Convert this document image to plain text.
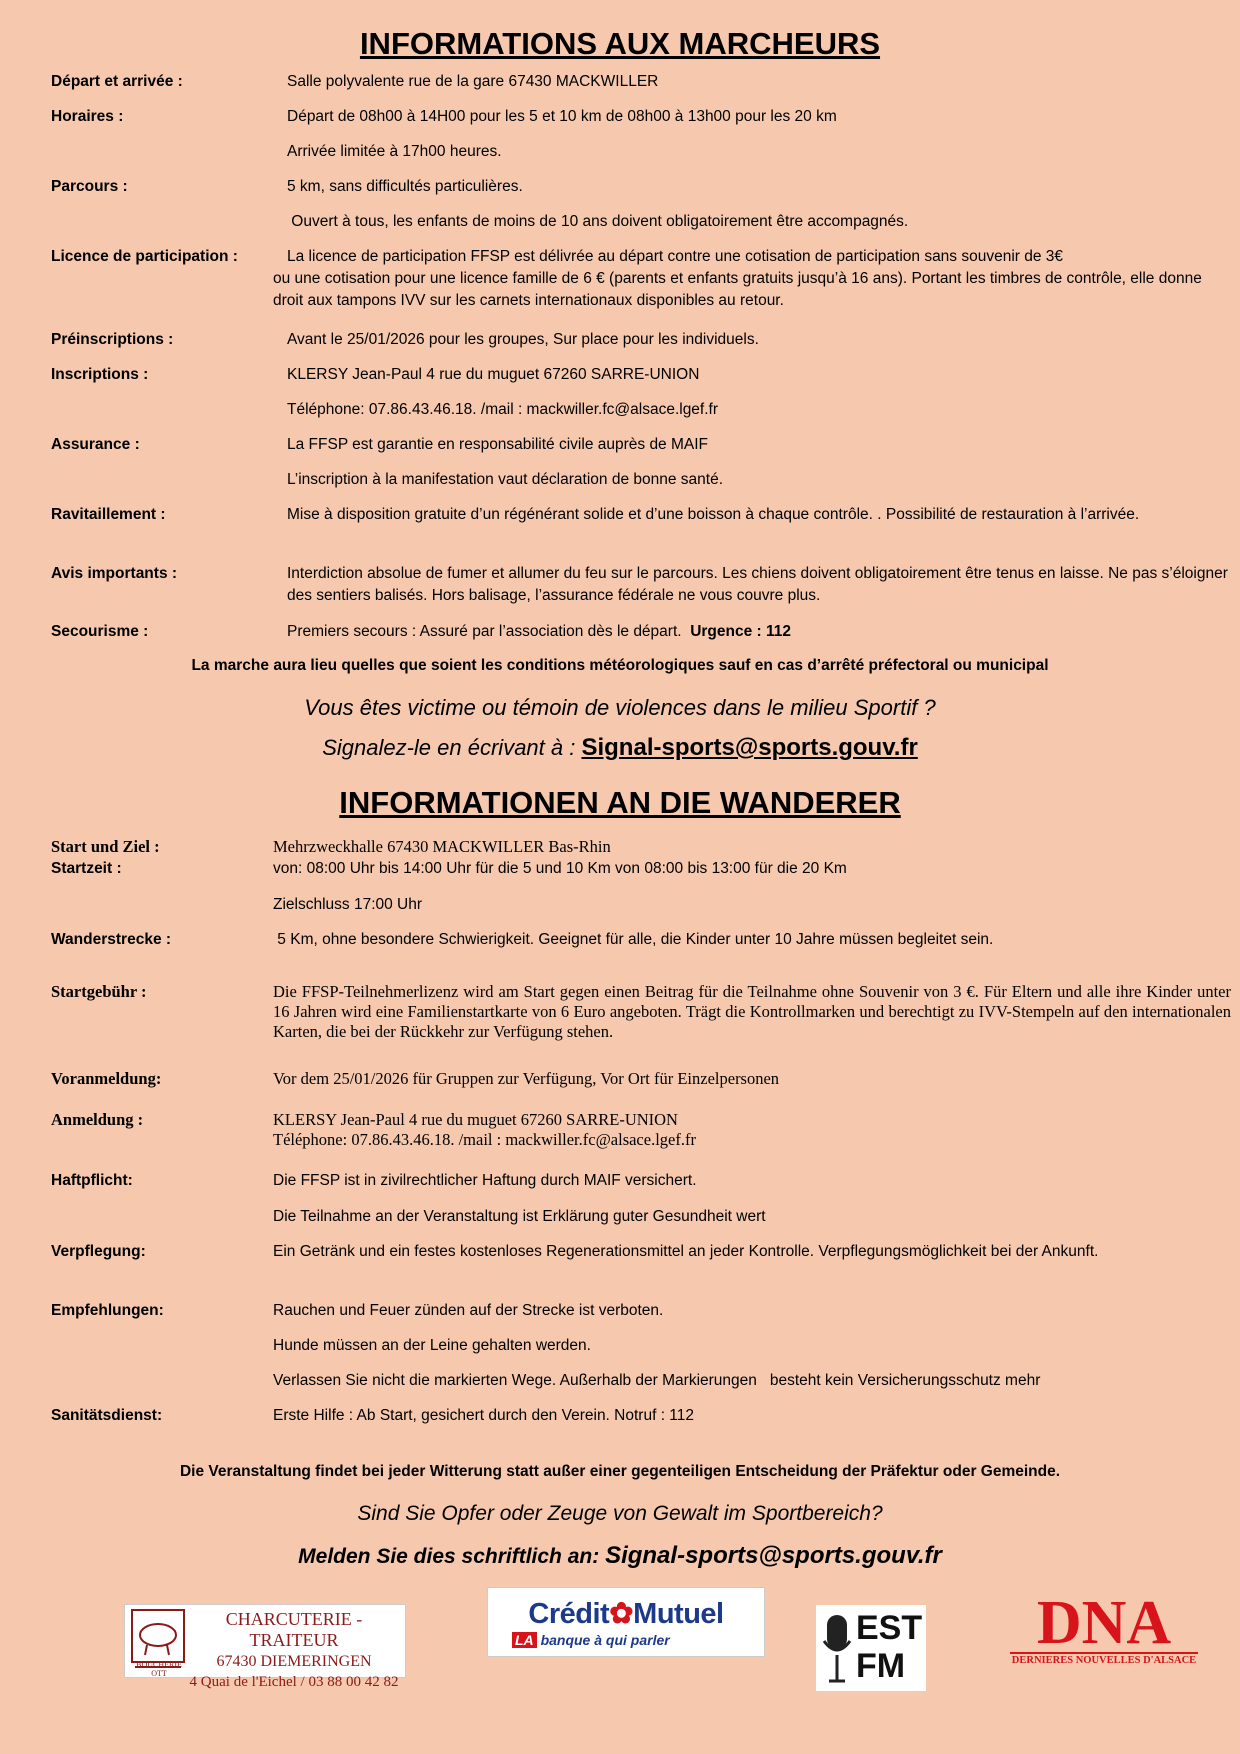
INFORMATIONS AUX MARCHEURS
Départ et arrivée :	Salle polyvalente rue de la gare 67430 MACKWILLER
Horaires :	Départ de 08h00 à 14H00 pour les 5 et 10 km de 08h00 à 13h00 pour les 20 km
Arrivée limitée à 17h00 heures.
Parcours :	5 km, sans difficultés particulières.
Ouvert à tous, les enfants de moins de 10 ans doivent obligatoirement être accompagnés.
Licence de participation :	La licence de participation FFSP est délivrée au départ contre une cotisation de participation sans souvenir de 3€
ou une cotisation pour une licence famille de 6 € (parents et enfants gratuits jusqu’à 16 ans). Portant les timbres de contrôle, elle donne droit aux tampons IVV sur les carnets internationaux disponibles au retour.
Préinscriptions :	Avant le 25/01/2026 pour les groupes, Sur place pour les individuels.
Inscriptions :	KLERSY Jean-Paul 4 rue du muguet 67260 SARRE-UNION
Téléphone: 07.86.43.46.18. /mail : mackwiller.fc@alsace.lgef.fr
Assurance :	La FFSP est garantie en responsabilité civile auprès de MAIF
L’inscription à la manifestation vaut déclaration de bonne santé.
Ravitaillement :	Mise à disposition gratuite d’un régénérant solide et d’une boisson à chaque contrôle. . Possibilité de restauration à l’arrivée.
Avis importants :	Interdiction absolue de fumer et allumer du feu sur le parcours. Les chiens doivent obligatoirement être tenus en laisse. Ne pas s’éloigner des sentiers balisés. Hors balisage, l’assurance fédérale ne vous couvre plus.
Secourisme :	Premiers secours : Assuré par l’association dès le départ. Urgence : 112
La marche aura lieu quelles que soient les conditions météorologiques sauf en cas d’arrêté préfectoral ou municipal
Vous êtes victime ou témoin de violences dans le milieu Sportif ?
Signalez-le en écrivant à : Signal-sports@sports.gouv.fr
INFORMATIONEN AN DIE WANDERER
Start und Ziel :	Mehrzweckhalle 67430 MACKWILLER Bas-Rhin
Startzeit :	von: 08:00 Uhr bis 14:00 Uhr für die 5 und 10 Km von 08:00 bis 13:00 für die 20 Km
Zielschluss 17:00 Uhr
Wanderstrecke :	5 Km, ohne besondere Schwierigkeit. Geeignet für alle, die Kinder unter 10 Jahre müssen begleitet sein.
Startgebühr :	Die FFSP-Teilnehmerlizenz wird am Start gegen einen Beitrag für die Teilnahme ohne Souvenir von 3 €. Für Eltern und alle ihre Kinder unter 16 Jahren wird eine Familienstartkarte von 6 Euro angeboten. Trägt die Kontrollmarken und berechtigt zu IVV-Stempeln auf den internationalen Karten, die bei der Rückkehr zur Verfügung stehen.
Voranmeldung:	Vor dem 25/01/2026 für Gruppen zur Verfügung, Vor Ort für Einzelpersonen
Anmeldung :	KLERSY Jean-Paul 4 rue du muguet 67260 SARRE-UNION
Téléphone: 07.86.43.46.18. /mail : mackwiller.fc@alsace.lgef.fr
Haftpflicht:	Die FFSP ist in zivilrechtlicher Haftung durch MAIF versichert.
Die Teilnahme an der Veranstaltung ist Erklärung guter Gesundheit wert
Verpflegung:	Ein Getränk und ein festes kostenloses Regenerationsmittel an jeder Kontrolle. Verpflegungsmöglichkeit bei der Ankunft.
Empfehlungen:	Rauchen und Feuer zünden auf der Strecke ist verboten.
Hunde müssen an der Leine gehalten werden.
Verlassen Sie nicht die markierten Wege. Außerhalb der Markierungen   besteht kein Versicherungsschutz mehr
Sanitätsdienst:	Erste Hilfe : Ab Start, gesichert durch den Verein. Notruf : 112
Die Veranstaltung findet bei jeder Witterung statt außer einer gegenteiligen Entscheidung der Präfektur oder Gemeinde.
Sind Sie Opfer oder Zeuge von Gewalt im Sportbereich?
Melden Sie dies schriftlich an: Signal-sports@sports.gouv.fr
BOUCHERIE OTT
CHARCUTERIE -TRAITEUR
67430 DIEMERINGEN
4 Quai de l'Eichel / 03 88 00 42 82
Crédit✿Mutuel
LA banque à qui parler	EST
FM
DNA
DERNIERES NOUVELLES D'ALSACE
